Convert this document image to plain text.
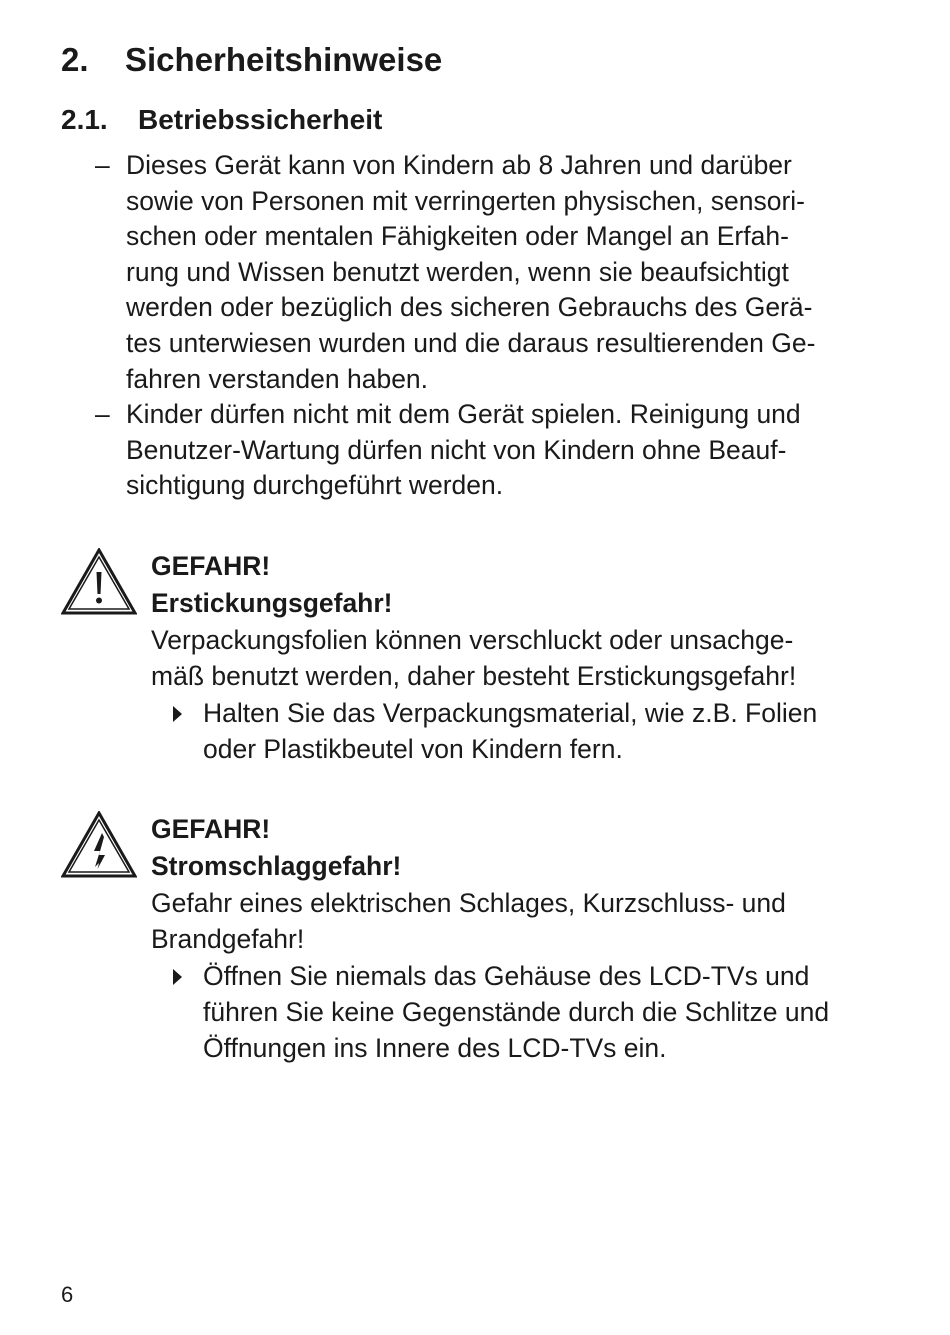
2. Sicherheitshinweise
2.1. Betriebssicherheit
– Dieses Gerät kann von Kindern ab 8 Jahren und darüber
sowie von Personen mit verringerten physischen, sensori-
schen oder mentalen Fähigkeiten oder Mangel an Erfah-
rung und Wissen benutzt werden, wenn sie beaufsichtigt
werden oder bezüglich des sicheren Gebrauchs des Gerä-
tes unterwiesen wurden und die daraus resultierenden Ge-
fahren verstanden haben.
– Kinder dürfen nicht mit dem Gerät spielen. Reinigung und
Benutzer-Wartung dürfen nicht von Kindern ohne Beauf-
sichtigung durchgeführt werden.
GEFAHR!
Erstickungsgefahr!
Verpackungsfolien können verschluckt oder unsachge-
mäß benutzt werden, daher besteht Erstickungsgefahr!
Halten Sie das Verpackungsmaterial, wie z.B. Folien
oder Plastikbeutel von Kindern fern.
GEFAHR!
Stromschlaggefahr!
Gefahr eines elektrischen Schlages, Kurzschluss- und
Brandgefahr!
Öffnen Sie niemals das Gehäuse des LCD-TVs und
führen Sie keine Gegenstände durch die Schlitze und
Öffnungen ins Innere des LCD-TVs ein.
6
